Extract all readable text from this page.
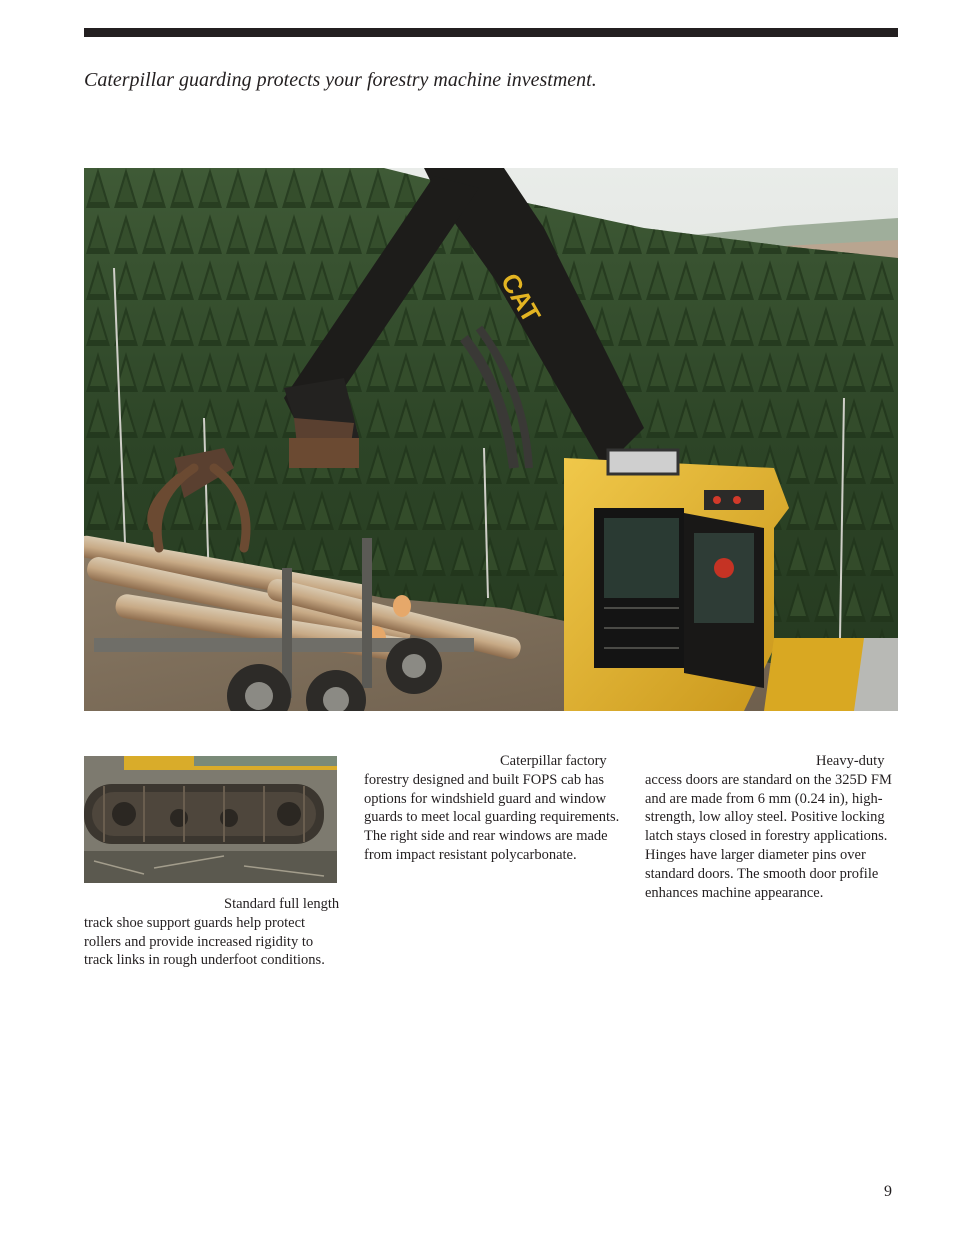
Caterpillar guarding protects your forestry machine investment.
CAT

Standard full length track shoe support guards help protect rollers and provide increased rigidity to track links in rough underfoot conditions.

Caterpillar factory forestry designed and built FOPS cab has options for windshield guard and window guards to meet local guarding requirements. The right side and rear windows are made from impact resistant polycarbonate.

Heavy-duty access doors are standard on the 325D FM and are made from 6 mm (0.24 in), high-strength, low alloy steel. Positive locking latch stays closed in forestry applications. Hinges have larger diameter pins over standard doors. The smooth door profile enhances machine appearance.

9
